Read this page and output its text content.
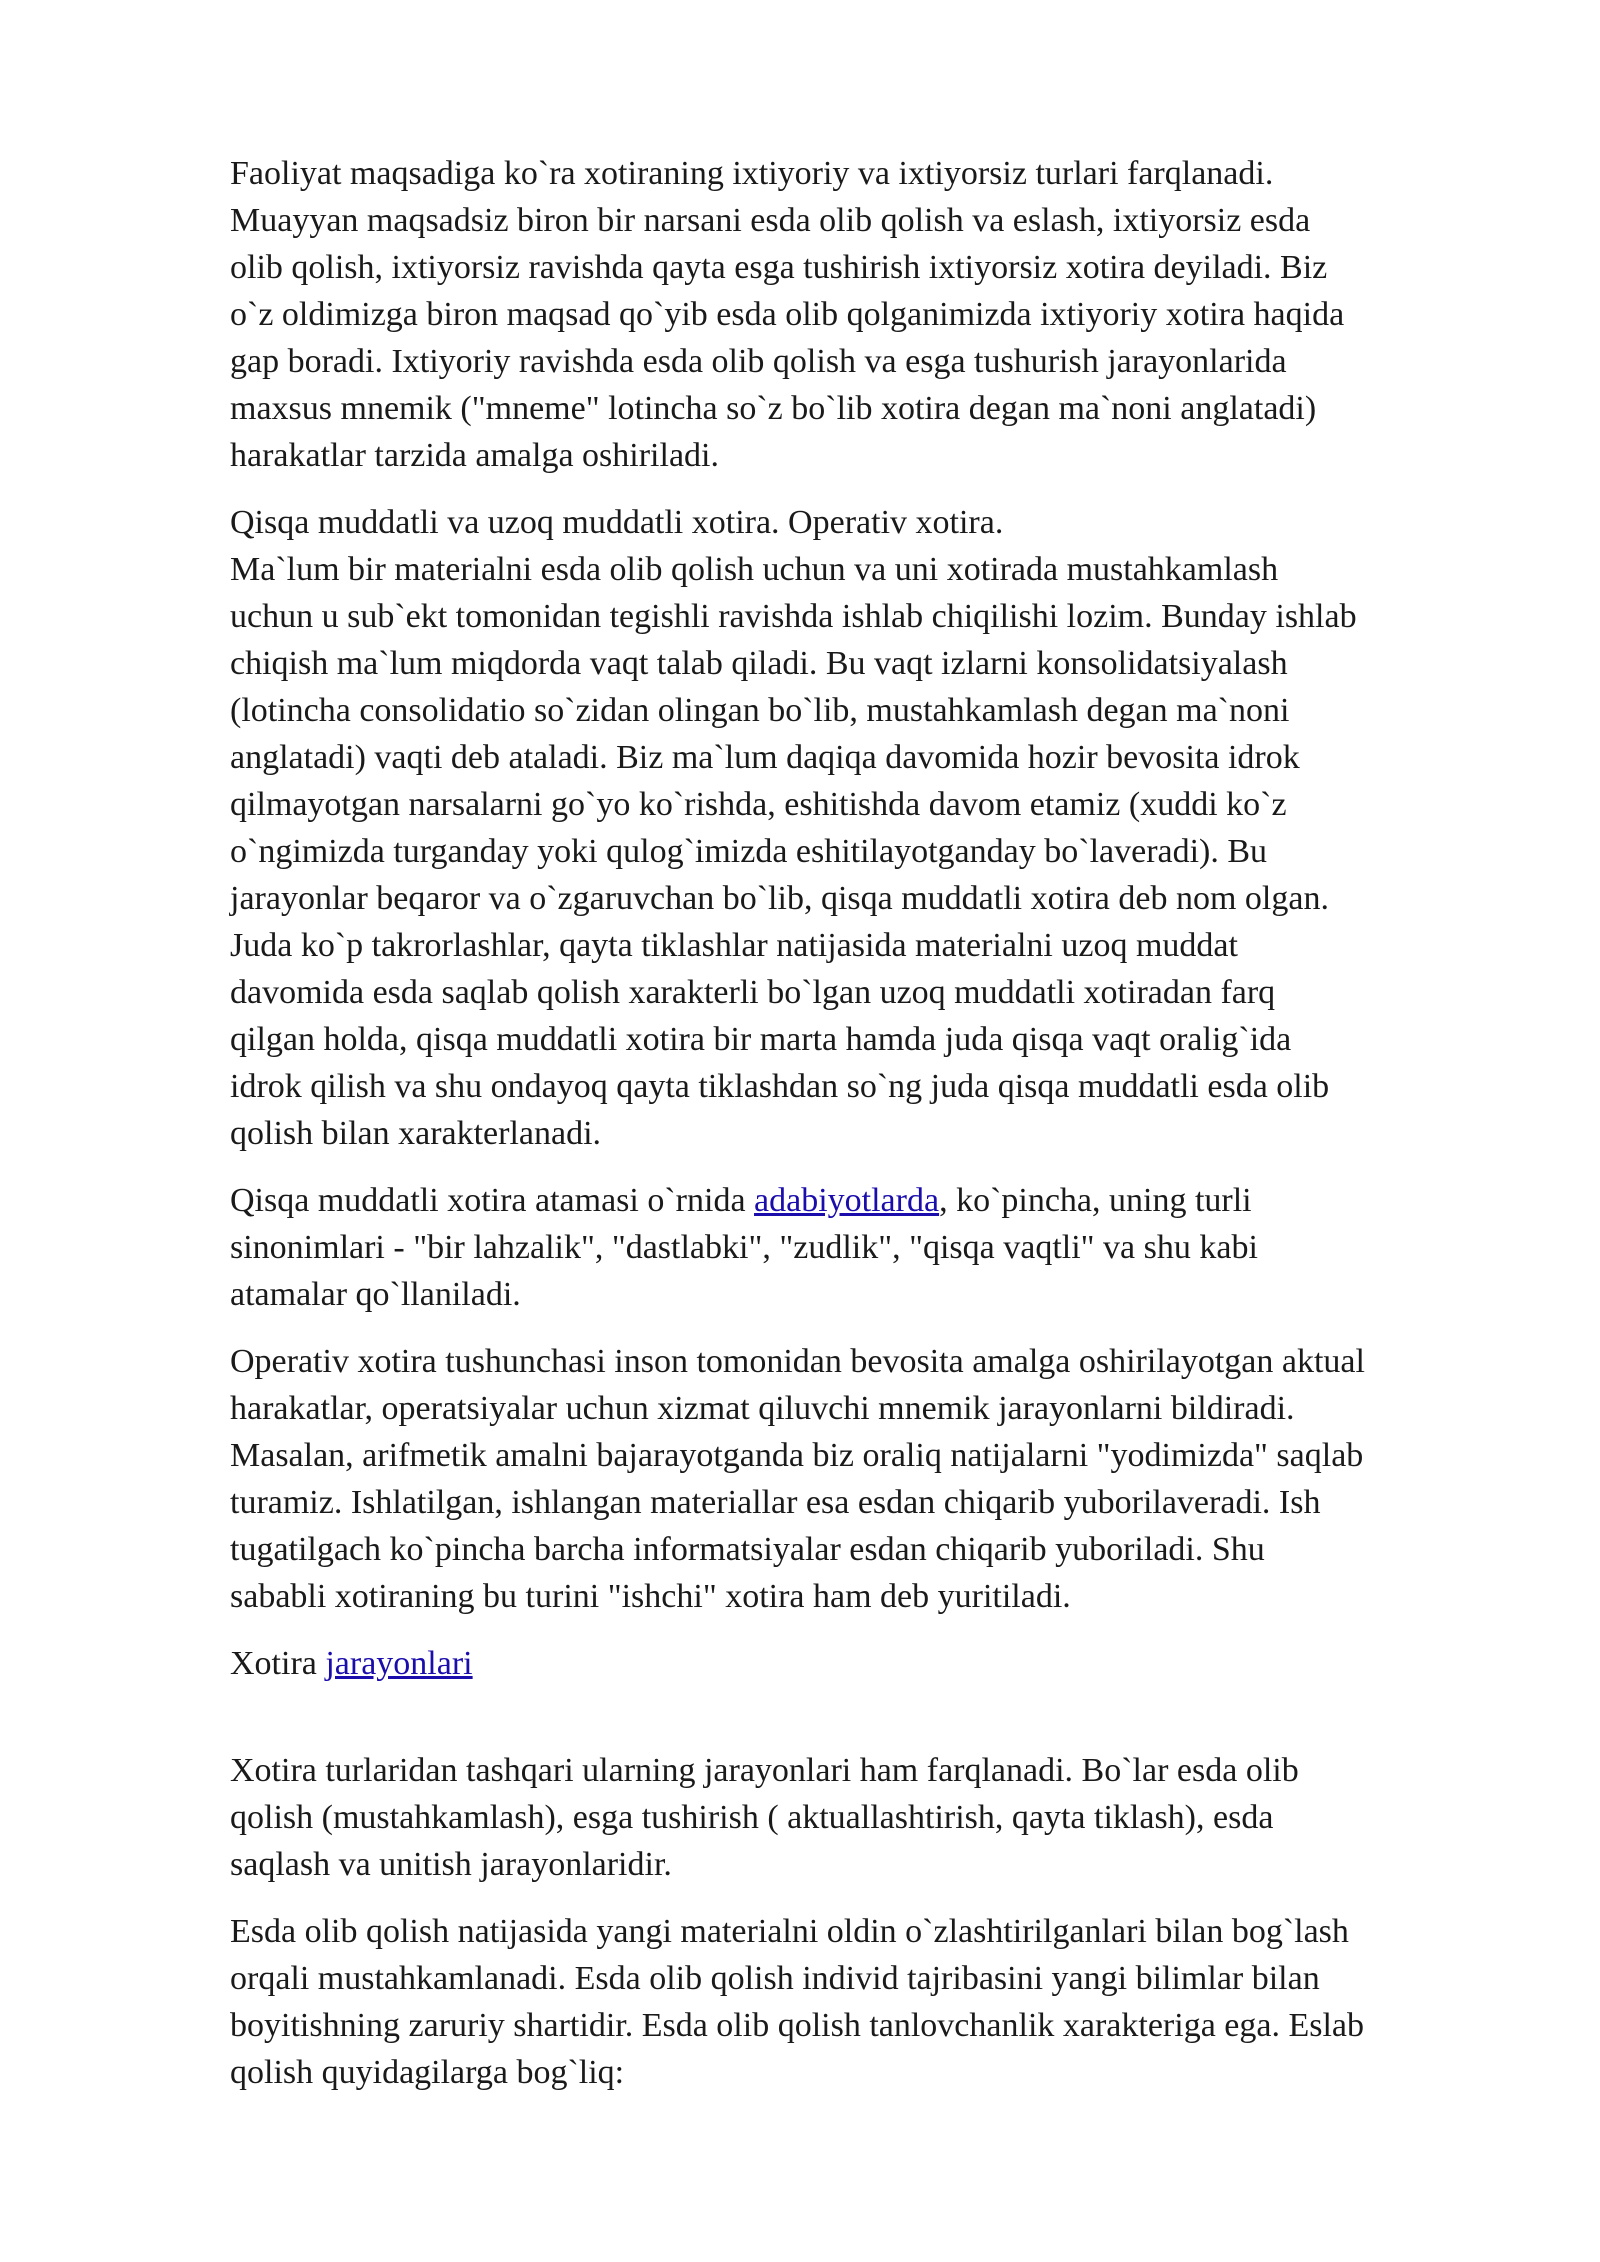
Faoliyat maqsadiga ko`ra xotiraning ixtiyoriy va ixtiyorsiz turlari farqlanadi.
Muayyan maqsadsiz biron bir narsani esda olib qolish va eslash, ixtiyorsiz esda
olib qolish, ixtiyorsiz ravishda qayta esga tushirish ixtiyorsiz xotira deyiladi. Biz
o`z oldimizga biron maqsad qo`yib esda olib qolganimizda ixtiyoriy xotira haqida
gap boradi. Ixtiyoriy ravishda esda olib qolish va esga tushurish jarayonlarida
maxsus mnemik ("mneme" lotincha so`z bo`lib xotira degan ma`noni anglatadi)
harakatlar tarzida amalga oshiriladi.

Qisqa muddatli va uzoq muddatli xotira. Operativ xotira.
Ma`lum bir materialni esda olib qolish uchun va uni xotirada mustahkamlash
uchun u sub`ekt tomonidan tegishli ravishda ishlab chiqilishi lozim. Bunday ishlab
chiqish ma`lum miqdorda vaqt talab qiladi. Bu vaqt izlarni konsolidatsiyalash
(lotincha consolidatio so`zidan olingan bo`lib, mustahkamlash degan ma`noni
anglatadi) vaqti deb ataladi. Biz ma`lum daqiqa davomida hozir bevosita idrok
qilmayotgan narsalarni go`yo ko`rishda, eshitishda davom etamiz (xuddi ko`z
o`ngimizda turganday yoki qulog`imizda eshitilayotganday bo`laveradi). Bu
jarayonlar beqaror va o`zgaruvchan bo`lib, qisqa muddatli xotira deb nom olgan.
Juda ko`p takrorlashlar, qayta tiklashlar natijasida materialni uzoq muddat
davomida esda saqlab qolish xarakterli bo`lgan uzoq muddatli xotiradan farq
qilgan holda, qisqa muddatli xotira bir marta hamda juda qisqa vaqt oralig`ida
idrok qilish va shu ondayoq qayta tiklashdan so`ng juda qisqa muddatli esda olib
qolish bilan xarakterlanadi.

Qisqa muddatli xotira atamasi o`rnida adabiyotlarda, ko`pincha, uning turli
sinonimlari - "bir lahzalik", "dastlabki", "zudlik", "qisqa vaqtli" va shu kabi
atamalar qo`llaniladi.

Operativ xotira tushunchasi inson tomonidan bevosita amalga oshirilayotgan aktual
harakatlar, operatsiyalar uchun xizmat qiluvchi mnemik jarayonlarni bildiradi.
Masalan, arifmetik amalni bajarayotganda biz oraliq natijalarni "yodimizda" saqlab
turamiz. Ishlatilgan, ishlangan materiallar esa esdan chiqarib yuborilaveradi. Ish
tugatilgach ko`pincha barcha informatsiyalar esdan chiqarib yuboriladi. Shu
sababli xotiraning bu turini "ishchi" xotira ham deb yuritiladi.

Xotira jarayonlari

Xotira turlaridan tashqari ularning jarayonlari ham farqlanadi. Bo`lar esda olib
qolish (mustahkamlash), esga tushirish ( aktuallashtirish, qayta tiklash), esda
saqlash va unitish jarayonlaridir.

Esda olib qolish natijasida yangi materialni oldin o`zlashtirilganlari bilan bog`lash
orqali mustahkamlanadi. Esda olib qolish individ tajribasini yangi bilimlar bilan
boyitishning zaruriy shartidir. Esda olib qolish tanlovchanlik xarakteriga ega. Eslab
qolish quyidagilarga bog`liq:
